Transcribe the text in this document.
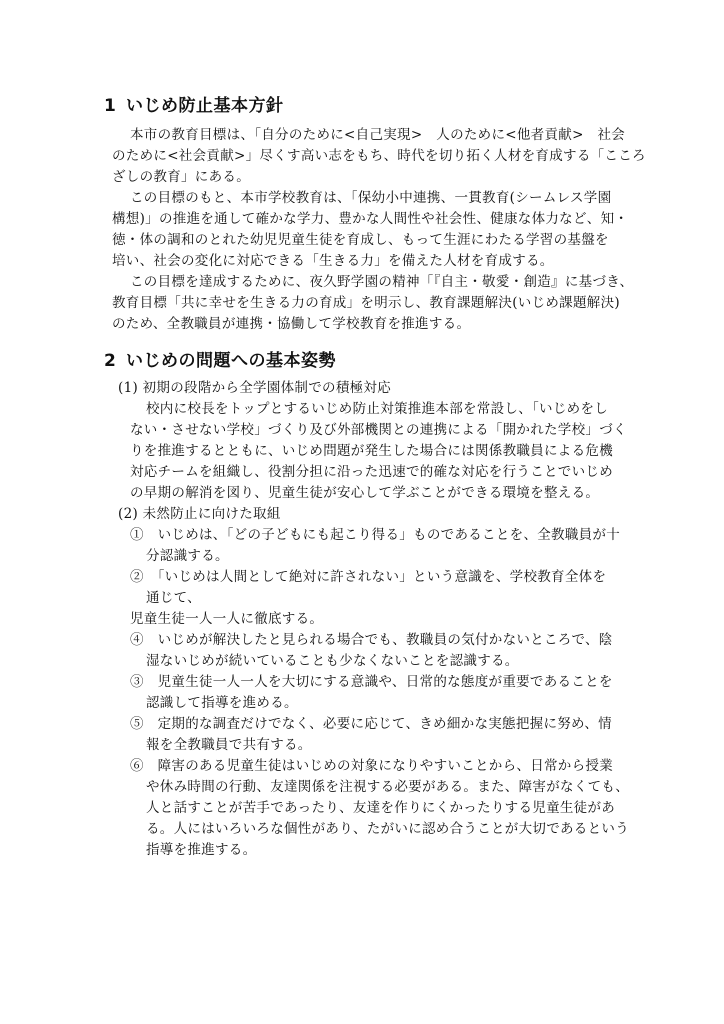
1 いじめ防止基本方針
本市の教育目標は、「自分のために<自己実現>　人のために<他者貢献>　社会
のために<社会貢献>」尽くす高い志をもち、時代を切り拓く人材を育成する「こころ
ざしの教育」にある。
この目標のもと、本市学校教育は、「保幼小中連携、一貫教育(シームレス学園
構想)」の推進を通して確かな学力、豊かな人間性や社会性、健康な体力など、知・
徳・体の調和のとれた幼児児童生徒を育成し、もって生涯にわたる学習の基盤を
培い、社会の変化に対応できる「生きる力」を備えた人材を育成する。
この目標を達成するために、夜久野学園の精神「『自主・敬愛・創造』に基づき、
教育目標「共に幸せを生きる力の育成」を明示し、教育課題解決(いじめ課題解決)
のため、全教職員が連携・協働して学校教育を推進する。
2 いじめの問題への基本姿勢
(1) 初期の段階から全学園体制での積極対応
校内に校長をトップとするいじめ防止対策推進本部を常設し、「いじめをし
ない・させない学校」づくり及び外部機関との連携による「開かれた学校」づく
りを推進するとともに、いじめ問題が発生した場合には関係教職員による危機
対応チームを組織し、役割分担に沿った迅速で的確な対応を行うことでいじめ
の早期の解消を図り、児童生徒が安心して学ぶことができる環境を整える。
(2) 未然防止に向けた取組
①　いじめは、「どの子どもにも起こり得る」ものであることを、全教職員が十
分認識する。
②　「いじめは人間として絶対に許されない」という意識を、学校教育全体を
通じて、
児童生徒一人一人に徹底する。
④　いじめが解決したと見られる場合でも、教職員の気付かないところで、陰
湿ないじめが続いていることも少なくないことを認識する。
③　児童生徒一人一人を大切にする意識や、日常的な態度が重要であることを
認識して指導を進める。
⑤　定期的な調査だけでなく、必要に応じて、きめ細かな実態把握に努め、情
報を全教職員で共有する。
⑥　障害のある児童生徒はいじめの対象になりやすいことから、日常から授業
や休み時間の行動、友達関係を注視する必要がある。また、障害がなくても、
人と話すことが苦手であったり、友達を作りにくかったりする児童生徒があ
る。人にはいろいろな個性があり、たがいに認め合うことが大切であるという
指導を推進する。
